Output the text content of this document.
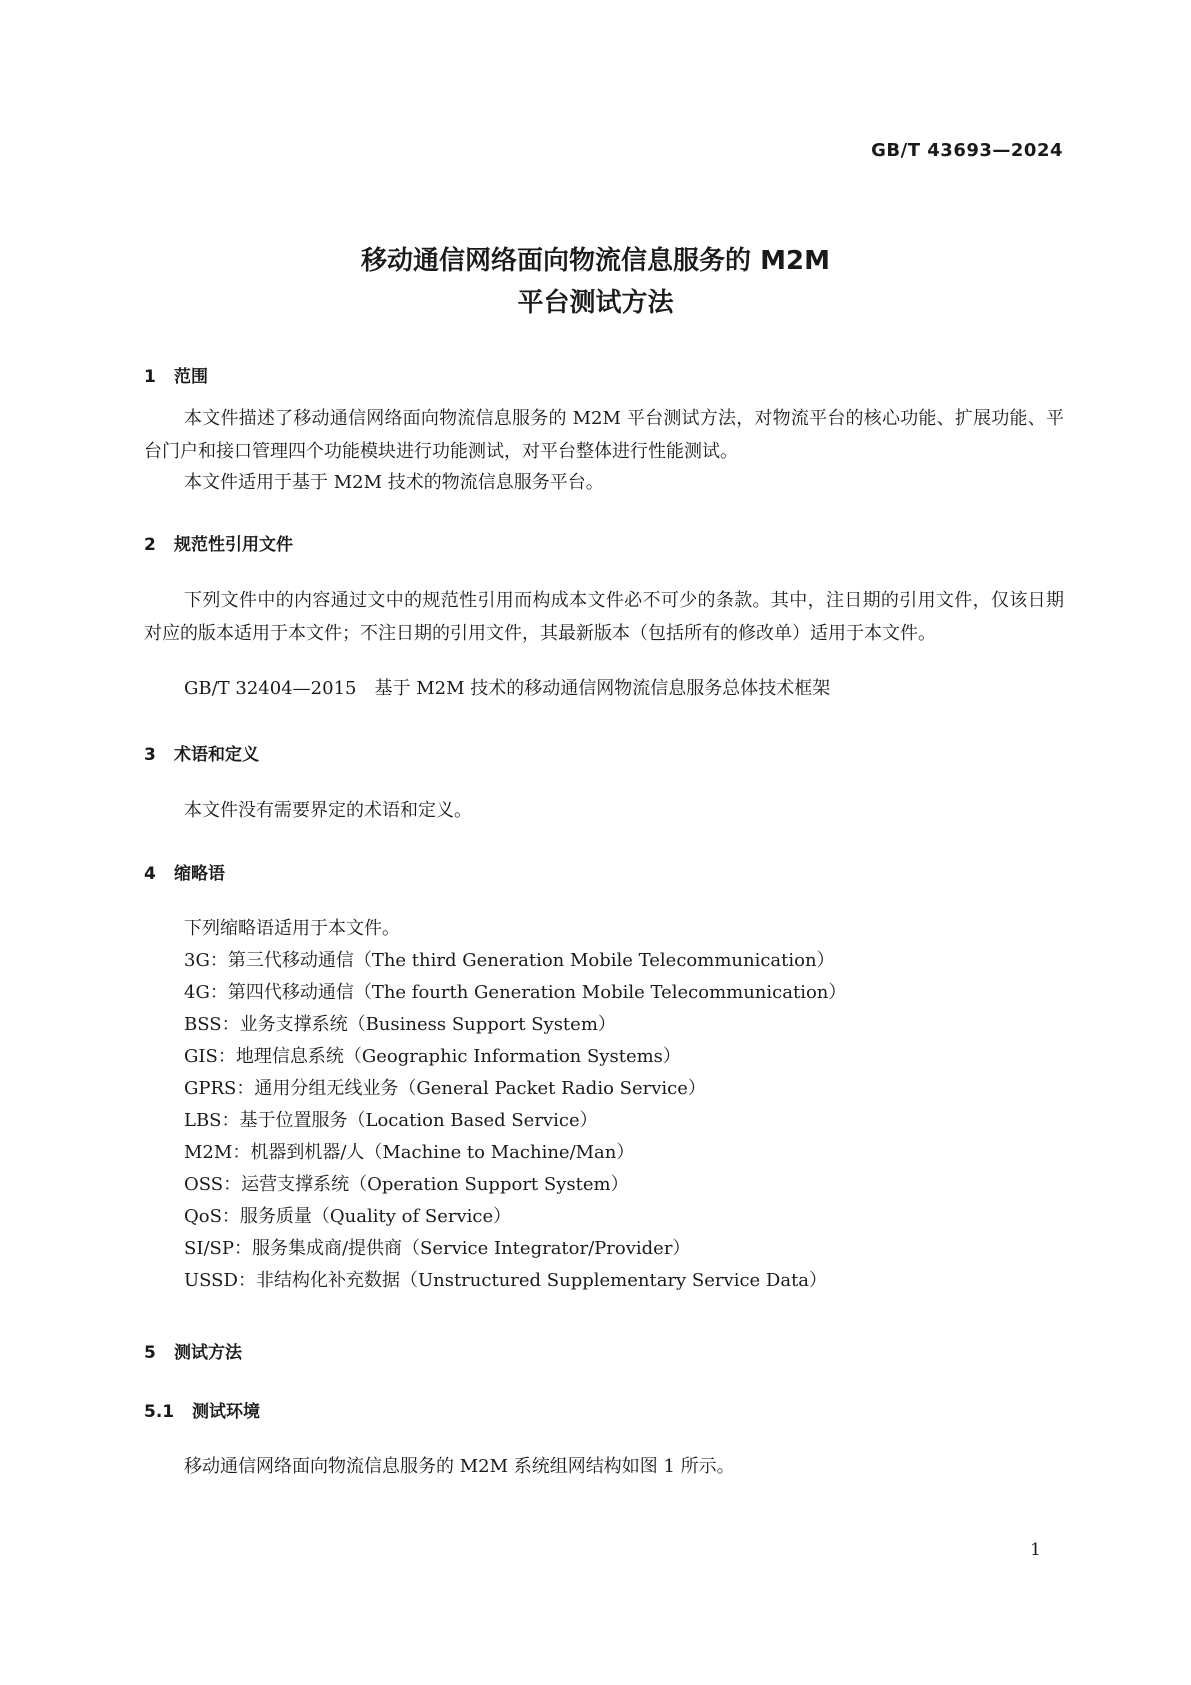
GB/T 43693—2024
移动通信网络面向物流信息服务的 M2M
平台测试方法
1 范围
本文件描述了移动通信网络面向物流信息服务的 M2M 平台测试方法，对物流平台的核心功能、扩展功能、平台门户和接口管理四个功能模块进行功能测试，对平台整体进行性能测试。
本文件适用于基于 M2M 技术的物流信息服务平台。
2 规范性引用文件
下列文件中的内容通过文中的规范性引用而构成本文件必不可少的条款。其中，注日期的引用文件，仅该日期对应的版本适用于本文件；不注日期的引用文件，其最新版本（包括所有的修改单）适用于本文件。
GB/T 32404—2015　基于 M2M 技术的移动通信网物流信息服务总体技术框架
3 术语和定义
本文件没有需要界定的术语和定义。
4 缩略语
下列缩略语适用于本文件。
3G：第三代移动通信（The third Generation Mobile Telecommunication）
4G：第四代移动通信（The fourth Generation Mobile Telecommunication）
BSS：业务支撑系统（Business Support System）
GIS：地理信息系统（Geographic Information Systems）
GPRS：通用分组无线业务（General Packet Radio Service）
LBS：基于位置服务（Location Based Service）
M2M：机器到机器/人（Machine to Machine/Man）
OSS：运营支撑系统（Operation Support System）
QoS：服务质量（Quality of Service）
SI/SP：服务集成商/提供商（Service Integrator/Provider）
USSD：非结构化补充数据（Unstructured Supplementary Service Data）
5 测试方法
5.1 测试环境
移动通信网络面向物流信息服务的 M2M 系统组网结构如图 1 所示。
1
